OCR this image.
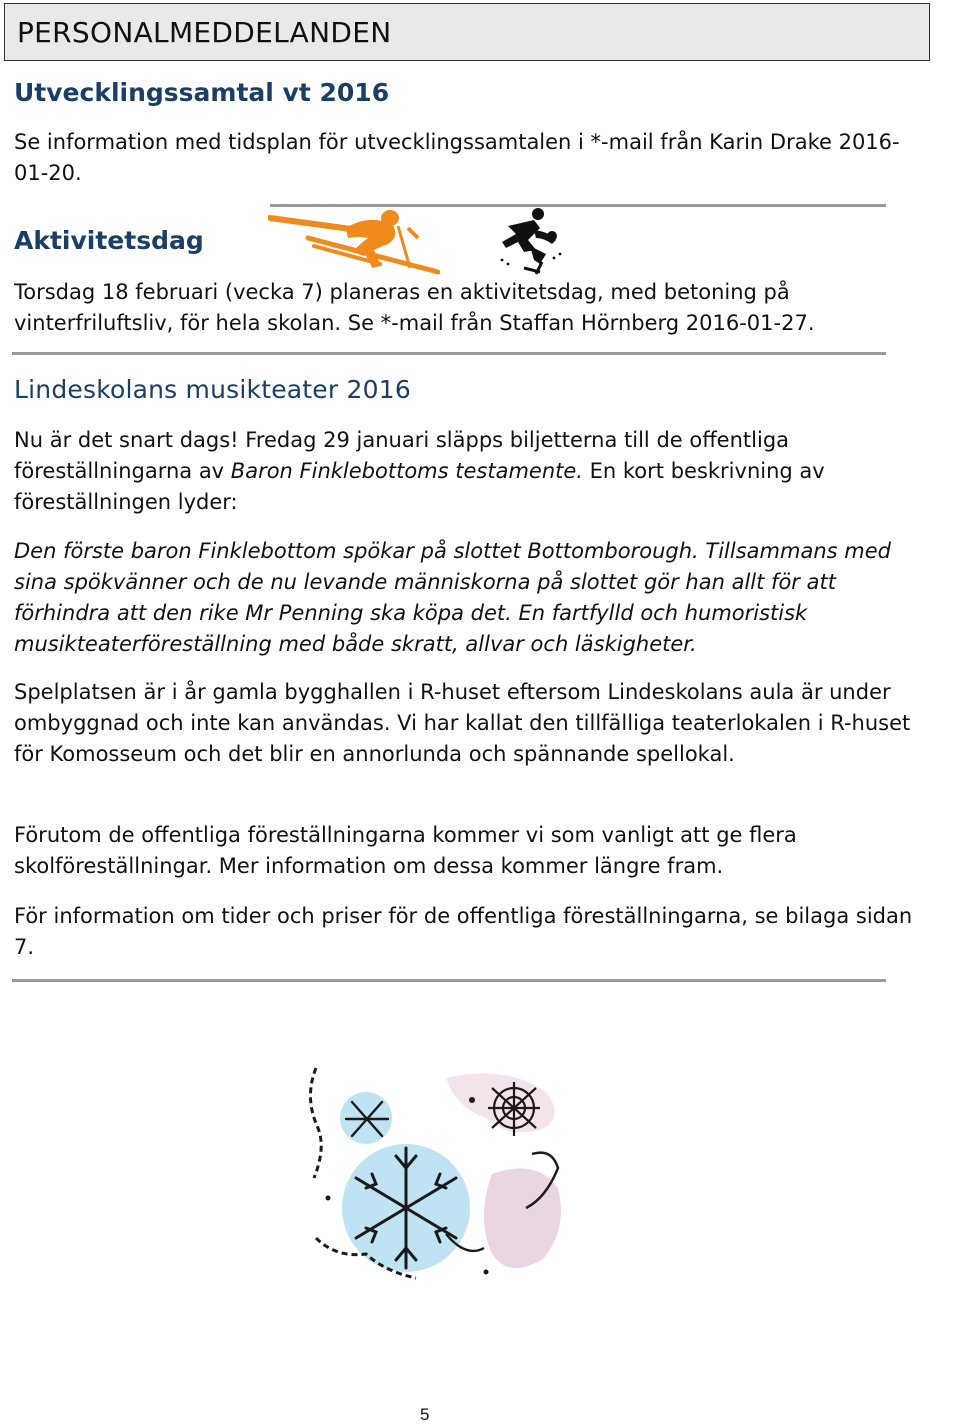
PERSONALMEDDELANDEN
Utvecklingssamtal vt 2016

Se information med tidsplan för utvecklingssamtalen i *-mail från Karin Drake 2016-01-20.

Aktivitetsdag

Torsdag 18 februari (vecka 7) planeras en aktivitetsdag, med betoning på vinterfriluftsliv, för hela skolan. Se *-mail från Staffan Hörnberg 2016-01-27.

Lindeskolans musikteater 2016

Nu är det snart dags! Fredag 29 januari släpps biljetterna till de offentliga föreställningarna av Baron Finklebottoms testamente. En kort beskrivning av föreställningen lyder:

Den förste baron Finklebottom spökar på slottet Bottomborough. Tillsammans med sina spökvänner och de nu levande människorna på slottet gör han allt för att förhindra att den rike Mr Penning ska köpa det. En fartfylld och humoristisk musikteaterföreställning med både skratt, allvar och läskigheter.

Spelplatsen är i år gamla bygghallen i R-huset eftersom Lindeskolans aula är under ombyggnad och inte kan användas. Vi har kallat den tillfälliga teaterlokalen i R-huset för Komosseum och det blir en annorlunda och spännande spellokal.

Förutom de offentliga föreställningarna kommer vi som vanligt att ge flera skolföreställningar. Mer information om dessa kommer längre fram.

För information om tider och priser för de offentliga föreställningarna, se bilaga sidan 7.

5
